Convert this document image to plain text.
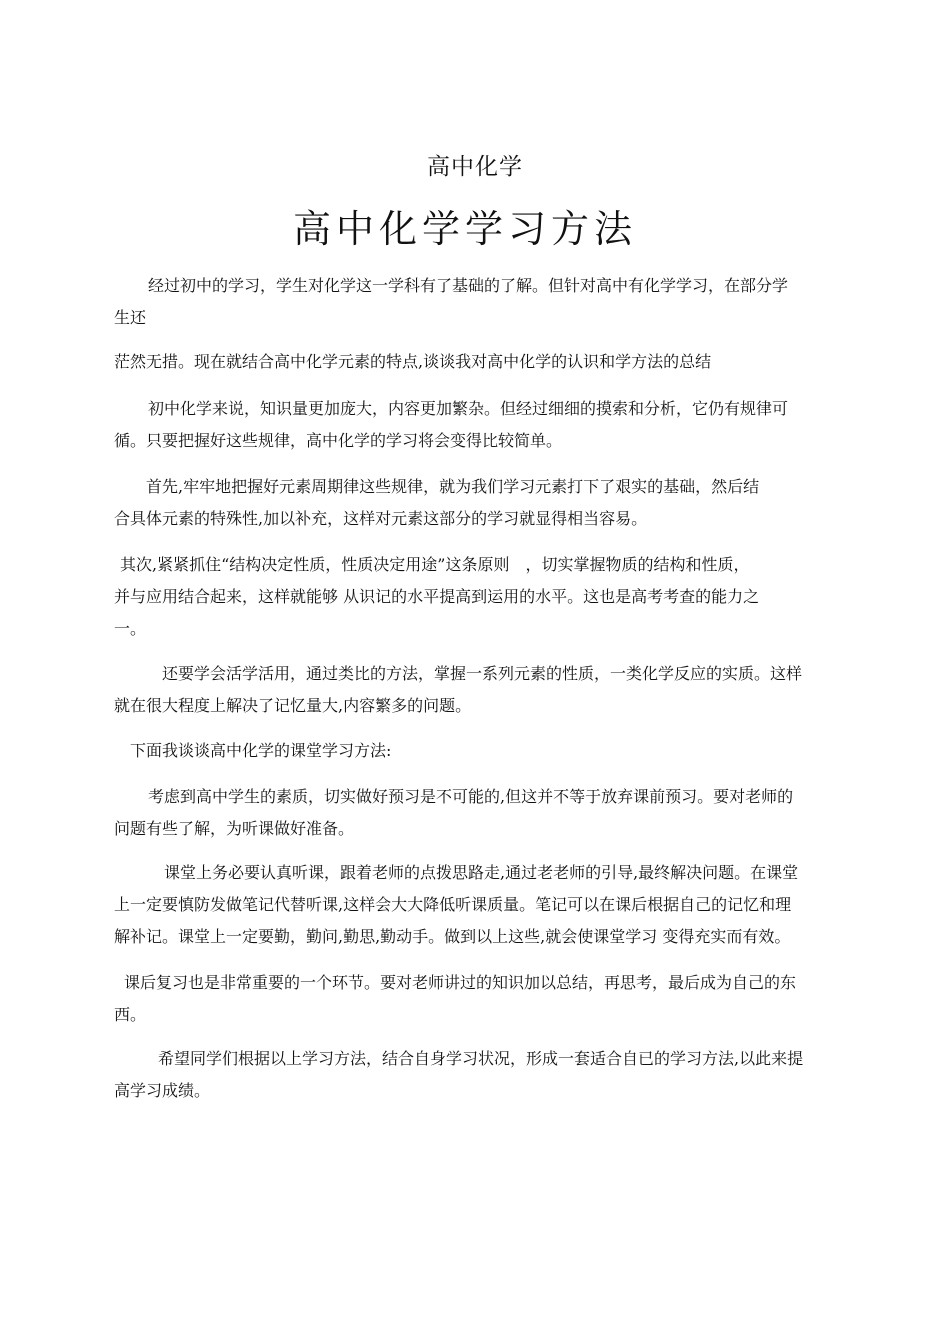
高中化学
高中化学学习方法
经过初中的学习，学生对化学这一学科有了基础的了解。但针对高中有化学学习，在部分学
生还
茫然无措。现在就结合高中化学元素的特点,谈谈我对高中化学的认识和学方法的总结
初中化学来说，知识量更加庞大，内容更加繁杂。但经过细细的摸索和分析，它仍有规律可
循。只要把握好这些规律，高中化学的学习将会变得比较简单。
首先,牢牢地把握好元素周期律这些规律，就为我们学习元素打下了艰实的基础，然后结
合具体元素的特殊性,加以补充，这样对元素这部分的学习就显得相当容易。
其次,紧紧抓住“结构决定性质，性质决定用途”这条原则　，切实掌握物质的结构和性质，
并与应用结合起来，这样就能够 从识记的水平提高到运用的水平。这也是高考考查的能力之
一。
还要学会活学活用，通过类比的方法，掌握一系列元素的性质，一类化学反应的实质。这样
就在很大程度上解决了记忆量大,内容繁多的问题。
下面我谈谈高中化学的课堂学习方法:
考虑到高中学生的素质，切实做好预习是不可能的,但这并不等于放弃课前预习。要对老师的
问题有些了解，为听课做好准备。
课堂上务必要认真听课，跟着老师的点拨思路走,通过老老师的引导,最终解决问题。在课堂
上一定要慎防发做笔记代替听课,这样会大大降低听课质量。笔记可以在课后根据自己的记忆和理
解补记。课堂上一定要勤，勤问,勤思,勤动手。做到以上这些,就会使课堂学习 变得充实而有效。
课后复习也是非常重要的一个环节。要对老师讲过的知识加以总结，再思考，最后成为自己的东
西。
希望同学们根据以上学习方法，结合自身学习状况，形成一套适合自已的学习方法,以此来提
高学习成绩。
